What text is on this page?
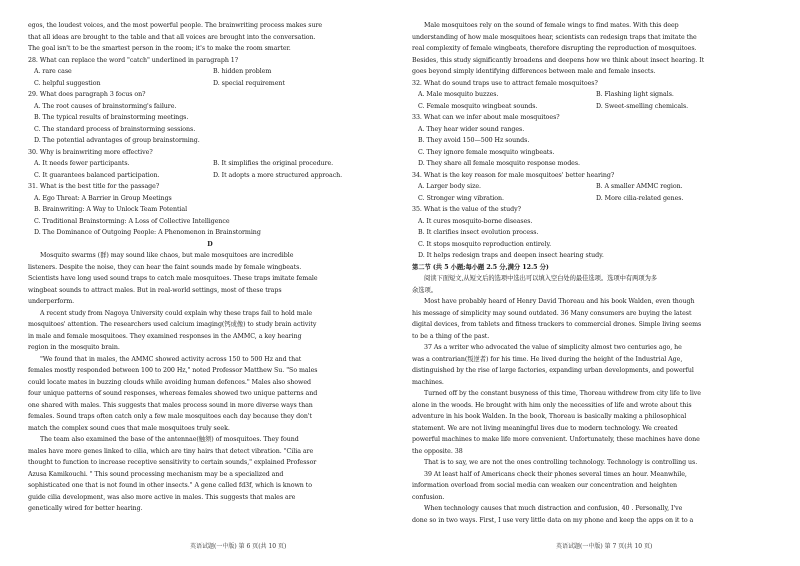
egos, the loudest voices, and the most powerful people. The brainwriting process makes sure
that all ideas are brought to the table and that all voices are brought into the conversation.
The goal isn't to be the smartest person in the room; it's to make the room smarter.
28. What can replace the word "catch" underlined in paragraph 1?
A. rare case	B. hidden problem
C. helpful suggestion	D. special requirement
29. What does paragraph 3 focus on?
A. The root causes of brainstorming's failure.
B. The typical results of brainstorming meetings.
C. The standard process of brainstorming sessions.
D. The potential advantages of group brainstorming.
30. Why is brainwriting more effective?
A. It needs fewer participants.	B. It simplifies the original procedure.
C. It guarantees balanced participation.	D. It adopts a more structured approach.
31. What is the best title for the passage?
A. Ego Threat: A Barrier in Group Meetings
B. Brainwriting: A Way to Unlock Team Potential
C. Traditional Brainstorming: A Loss of Collective Intelligence
D. The Dominance of Outgoing People: A Phenomenon in Brainstorming
D
Mosquito swarms (群) may sound like chaos, but male mosquitoes are incredible
listeners. Despite the noise, they can hear the faint sounds made by female wingbeats.
Scientists have long used sound traps to catch male mosquitoes. These traps imitate female
wingbeat sounds to attract males. But in real-world settings, most of these traps
underperform.
A recent study from Nagoya University could explain why these traps fail to hold male
mosquitoes' attention. The researchers used calcium imaging(钙成像) to study brain activity
in male and female mosquitoes. They examined responses in the AMMC, a key hearing
region in the mosquito brain.
"We found that in males, the AMMC showed activity across 150 to 500 Hz and that
females mostly responded between 100 to 200 Hz," noted Professor Matthew Su. "So males
could locate mates in buzzing clouds while avoiding human defences." Males also showed
four unique patterns of sound responses, whereas females showed two unique patterns and
one shared with males. This suggests that males process sound in more diverse ways than
females. Sound traps often catch only a few male mosquitoes each day because they don't
match the complex sound cues that male mosquitoes truly seek.
The team also examined the base of the antennae(触须) of mosquitoes. They found
males have more genes linked to cilia, which are tiny hairs that detect vibration. "Cilia are
thought to function to increase receptive sensitivity to certain sounds," explained Professor
Azusa Kamikouchi. " This sound processing mechanism may be a specialized and
sophisticated one that is not found in other insects." A gene called fd3f, which is known to
guide cilia development, was also more active in males. This suggests that males are
genetically wired for better hearing.
Male mosquitoes rely on the sound of female wings to find mates. With this deep
understanding of how male mosquitoes hear, scientists can redesign traps that imitate the
real complexity of female wingbeats, therefore disrupting the reproduction of mosquitoes.
Besides, this study significantly broadens and deepens how we think about insect hearing. It
goes beyond simply identifying differences between male and female insects.
32. What do sound traps use to attract female mosquitoes?
A. Male mosquito buzzes.	B. Flashing light signals.
C. Female mosquito wingbeat sounds.	D. Sweet-smelling chemicals.
33. What can we infer about male mosquitoes?
A. They hear wider sound ranges.
B. They avoid 150—500 Hz sounds.
C. They ignore female mosquito wingbeats.
D. They share all female mosquito response modes.
34. What is the key reason for male mosquitoes' better hearing?
A. Larger body size.	B. A smaller AMMC region.
C. Stronger wing vibration.	D. More cilia-related genes.
35. What is the value of the study?
A. It cures mosquito-borne diseases.
B. It clarifies insect evolution process.
C. It stops mosquito reproduction entirely.
D. It helps redesign traps and deepen insect hearing study.
第二节 (共 5 小题;每小题 2.5 分,满分 12.5 分)
阅读下面短文,从短文后的选项中选出可以填入空白处的最佳选项。选项中有两项为多
余选项。
Most have probably heard of Henry David Thoreau and his book Walden, even though
his message of simplicity may sound outdated. 36 Many consumers are buying the latest
digital devices, from tablets and fitness trackers to commercial drones. Simple living seems
to be a thing of the past.
37 As a writer who advocated the value of simplicity almost two centuries ago, he
was a contrarian(叛逆者) for his time. He lived during the height of the Industrial Age,
distinguished by the rise of large factories, expanding urban developments, and powerful
machines.
Turned off by the constant busyness of this time, Thoreau withdrew from city life to live
alone in the woods. He brought with him only the necessities of life and wrote about this
adventure in his book Walden. In the book, Thoreau is basically making a philosophical
statement. We are not living meaningful lives due to modern technology. We created
powerful machines to make life more convenient. Unfortunately, these machines have done
the opposite. 38
That is to say, we are not the ones controlling technology. Technology is controlling us.
39 At least half of Americans check their phones several times an hour. Meanwhile,
information overload from social media can weaken our concentration and heighten
confusion.
When technology causes that much distraction and confusion, 40 . Personally, I've
done so in two ways. First, I use very little data on my phone and keep the apps on it to a
英语试题(一中版) 第 6 页(共 10 页)	英语试题(一中版) 第 7 页(共 10 页)
